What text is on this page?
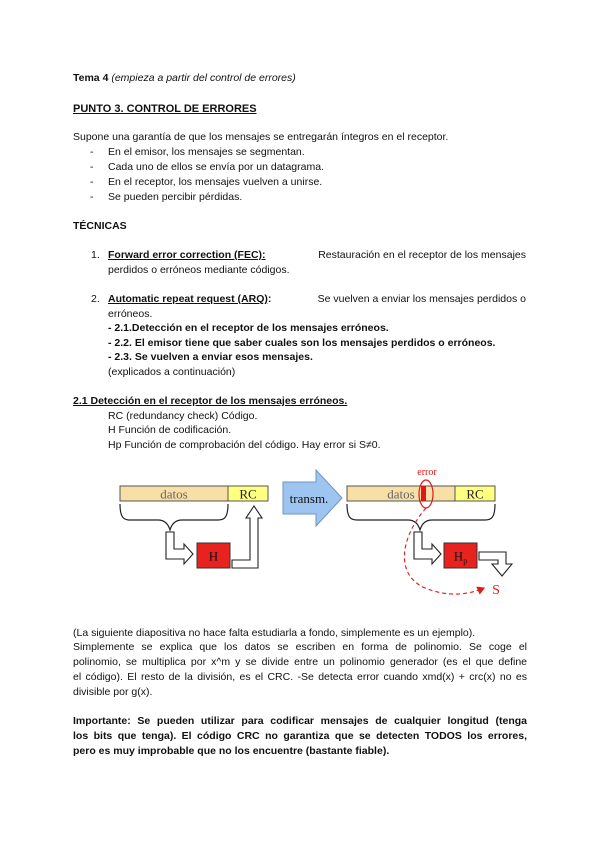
Tema 4 (empieza a partir del control de errores)
PUNTO 3. CONTROL DE ERRORES
Supone una garantía de que los mensajes se entregarán íntegros en el receptor.
- En el emisor, los mensajes se segmentan.
- Cada uno de ellos se envía por un datagrama.
- En el receptor, los mensajes vuelven a unirse.
- Se pueden percibir pérdidas.
TÉCNICAS
1. Forward error correction (FEC):	Restauración en el receptor de los mensajes
perdidos o erróneos mediante códigos.
2. Automatic repeat request (ARQ):	Se vuelven a enviar los mensajes perdidos o
erróneos.
- 2.1.Detección en el receptor de los mensajes erróneos.
- 2.2. El emisor tiene que saber cuales son los mensajes perdidos o erróneos.
- 2.3. Se vuelven a enviar esos mensajes.
(explicados a continuación)
2.1 Detección en el receptor de los mensajes erróneos.
RC (redundancy check) Código.
H Función de codificación.
Hp Función de comprobación del código. Hay error si S≠0.
datos	RC
H
transm.	datos	RC
error
$H_p$
S
(La siguiente diapositiva no hace falta estudiarla a fondo, simplemente es un ejemplo).
Simplemente se explica que los datos se escriben en forma de polinomio. Se coge el
polinomio, se multiplica por x^m y se divide entre un polinomio generador (es el que define
el código). El resto de la división, es el CRC. -Se detecta error cuando xmd(x) + crc(x) no es
divisible por g(x).
Importante: Se pueden utilizar para codificar mensajes de cualquier longitud (tenga
los bits que tenga). El código CRC no garantiza que se detecten TODOS los errores,
pero es muy improbable que no los encuentre (bastante fiable).
